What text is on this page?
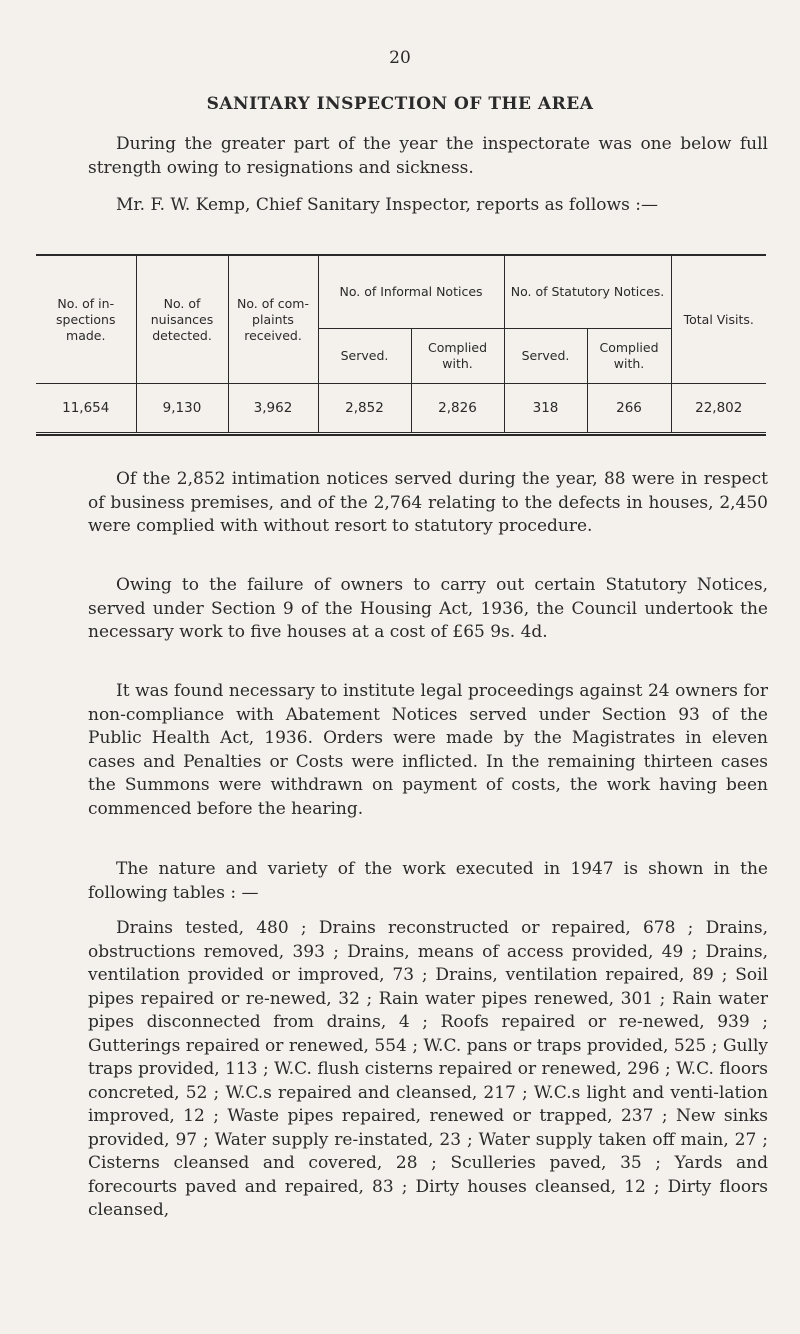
20
SANITARY INSPECTION OF THE AREA

During the greater part of the year the inspectorate was one below full strength owing to resignations and sickness.

Mr. F. W. Kemp, Chief Sanitary Inspector, reports as follows :—

No. of in-spections made.	No. of nuisances detected.	No. of com-plaints received.	No. of Informal Notices		No. of Statutory Notices.		Total Visits.
			Served.	Complied with.	Served.	Complied with.	
11,654	9,130	3,962	2,852	2,826	318	266	22,802

Of the 2,852 intimation notices served during the year, 88 were in respect of business premises, and of the 2,764 relating to the defects in houses, 2,450 were complied with without resort to statutory procedure.

Owing to the failure of owners to carry out certain Statutory Notices, served under Section 9 of the Housing Act, 1936, the Council undertook the necessary work to five houses at a cost of £65 9s. 4d.

It was found necessary to institute legal proceedings against 24 owners for non-compliance with Abatement Notices served under Section 93 of the Public Health Act, 1936. Orders were made by the Magistrates in eleven cases and Penalties or Costs were inflicted. In the remaining thirteen cases the Summons were withdrawn on payment of costs, the work having been commenced before the hearing.

The nature and variety of the work executed in 1947 is shown in the following tables : —

Drains tested, 480 ; Drains reconstructed or repaired, 678 ; Drains, obstructions removed, 393 ; Drains, means of access provided, 49 ; Drains, ventilation provided or improved, 73 ; Drains, ventilation repaired, 89 ; Soil pipes repaired or re-newed, 32 ; Rain water pipes renewed, 301 ; Rain water pipes disconnected from drains, 4 ; Roofs repaired or re-newed, 939 ; Gutterings repaired or renewed, 554 ; W.C. pans or traps provided, 525 ; Gully traps provided, 113 ; W.C. flush cisterns repaired or renewed, 296 ; W.C. floors concreted, 52 ; W.C.s repaired and cleansed, 217 ; W.C.s light and venti-lation improved, 12 ; Waste pipes repaired, renewed or trapped, 237 ; New sinks provided, 97 ; Water supply re-instated, 23 ; Water supply taken off main, 27 ; Cisterns cleansed and covered, 28 ; Sculleries paved, 35 ; Yards and forecourts paved and repaired, 83 ; Dirty houses cleansed, 12 ; Dirty floors cleansed,
